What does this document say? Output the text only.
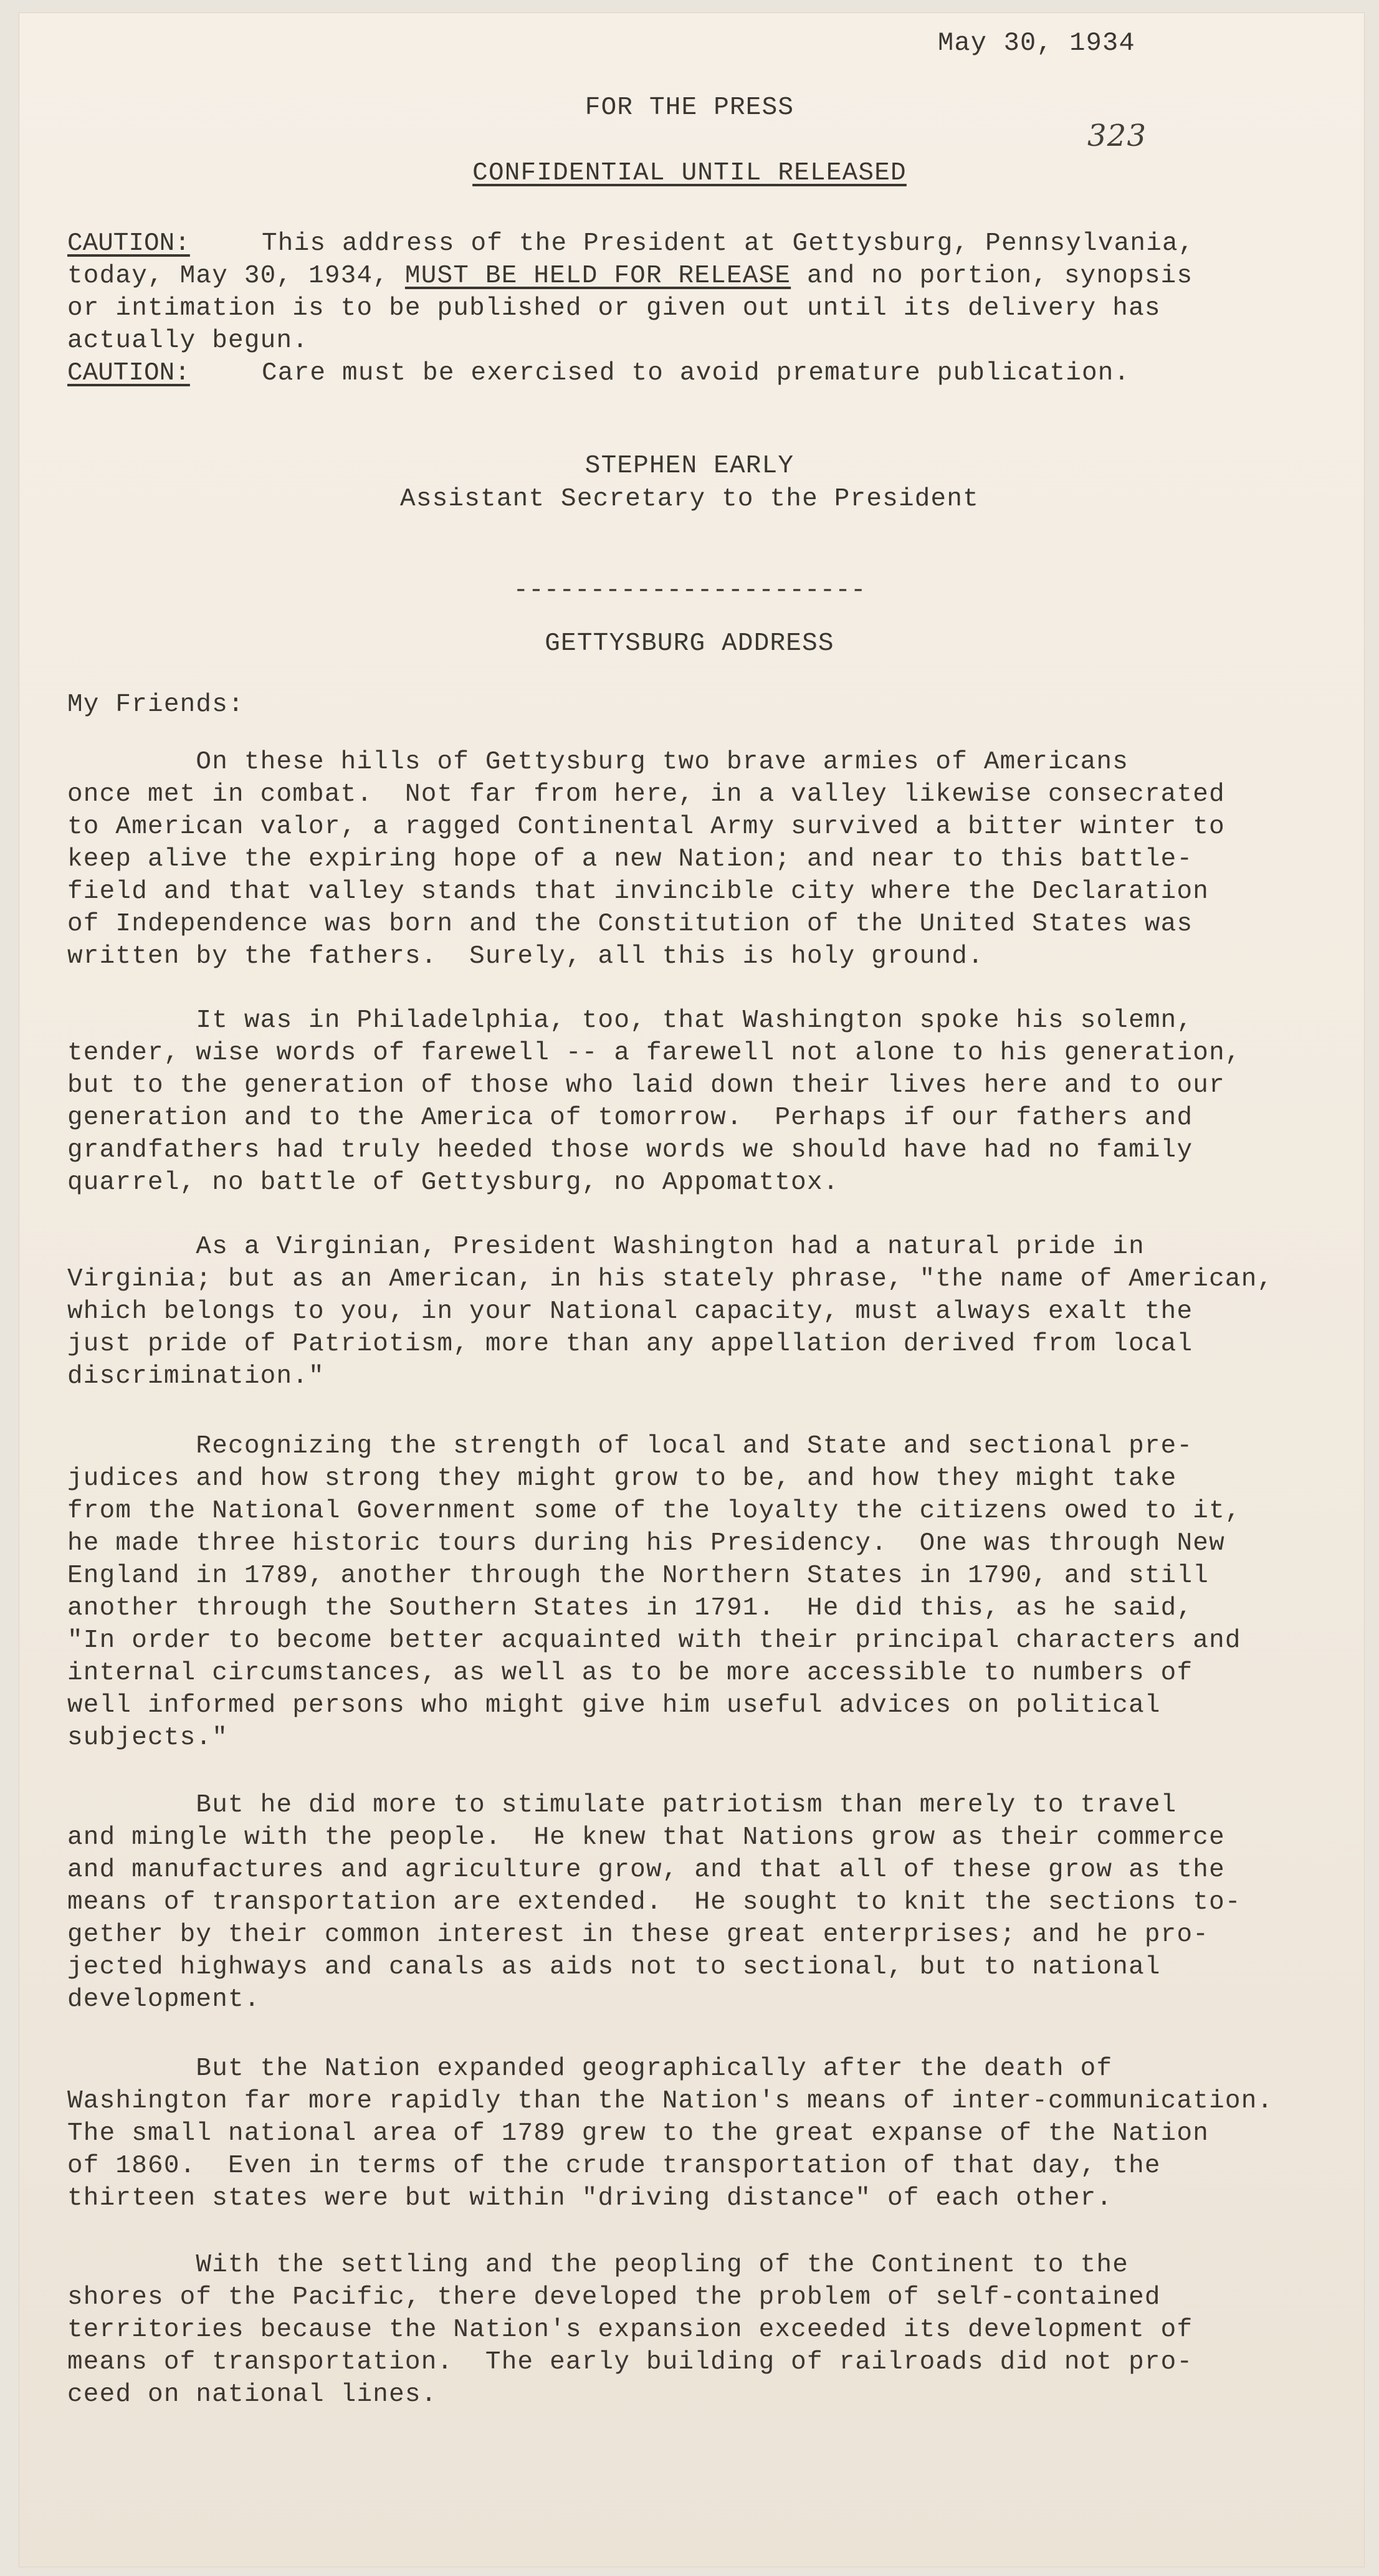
May 30, 1934
FOR THE PRESS
323
CONFIDENTIAL UNTIL RELEASED
CAUTION:	This address of the President at Gettysburg, Pennsylvania,
today, May 30, 1934, MUST BE HELD FOR RELEASE and no portion, synopsis
or intimation is to be published or given out until its delivery has
actually begun.
CAUTION:	Care must be exercised to avoid premature publication.
STEPHEN EARLY
Assistant Secretary to the President
-----------------------
GETTYSBURG ADDRESS
My Friends:
On these hills of Gettysburg two brave armies of Americans
once met in combat.  Not far from here, in a valley likewise consecrated
to American valor, a ragged Continental Army survived a bitter winter to
keep alive the expiring hope of a new Nation; and near to this battle-
field and that valley stands that invincible city where the Declaration
of Independence was born and the Constitution of the United States was
written by the fathers.  Surely, all this is holy ground.
It was in Philadelphia, too, that Washington spoke his solemn,
tender, wise words of farewell -- a farewell not alone to his generation,
but to the generation of those who laid down their lives here and to our
generation and to the America of tomorrow.  Perhaps if our fathers and
grandfathers had truly heeded those words we should have had no family
quarrel, no battle of Gettysburg, no Appomattox.
As a Virginian, President Washington had a natural pride in
Virginia; but as an American, in his stately phrase, "the name of American,
which belongs to you, in your National capacity, must always exalt the
just pride of Patriotism, more than any appellation derived from local
discrimination."
Recognizing the strength of local and State and sectional pre-
judices and how strong they might grow to be, and how they might take
from the National Government some of the loyalty the citizens owed to it,
he made three historic tours during his Presidency.  One was through New
England in 1789, another through the Northern States in 1790, and still
another through the Southern States in 1791.  He did this, as he said,
"In order to become better acquainted with their principal characters and
internal circumstances, as well as to be more accessible to numbers of
well informed persons who might give him useful advices on political
subjects."
But he did more to stimulate patriotism than merely to travel
and mingle with the people.  He knew that Nations grow as their commerce
and manufactures and agriculture grow, and that all of these grow as the
means of transportation are extended.  He sought to knit the sections to-
gether by their common interest in these great enterprises; and he pro-
jected highways and canals as aids not to sectional, but to national
development.
But the Nation expanded geographically after the death of
Washington far more rapidly than the Nation's means of inter-communication.
The small national area of 1789 grew to the great expanse of the Nation
of 1860.  Even in terms of the crude transportation of that day, the
thirteen states were but within "driving distance" of each other.
With the settling and the peopling of the Continent to the
shores of the Pacific, there developed the problem of self-contained
territories because the Nation's expansion exceeded its development of
means of transportation.  The early building of railroads did not pro-
ceed on national lines.
